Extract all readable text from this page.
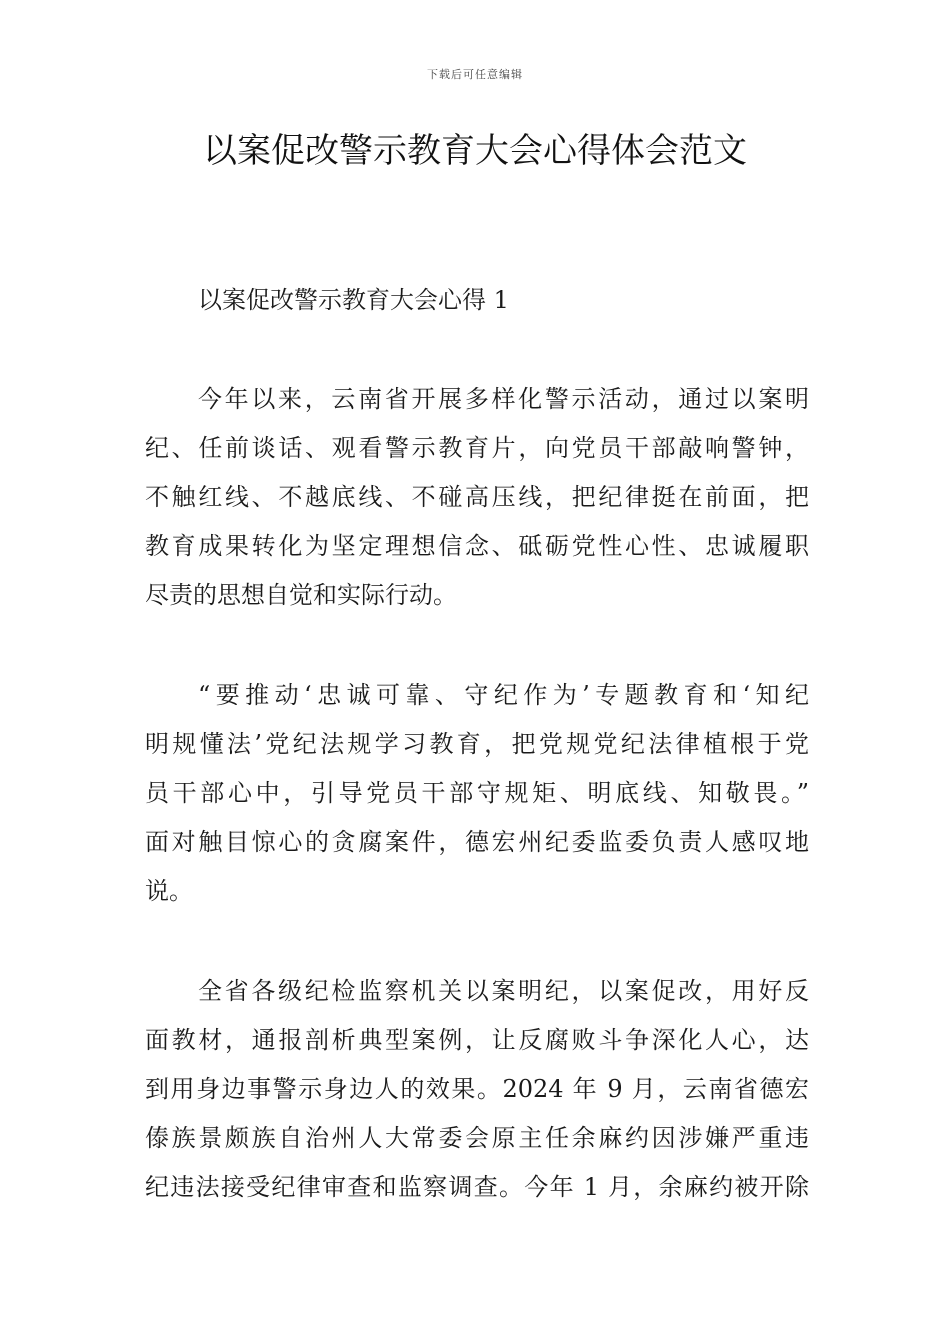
下载后可任意编辑
以案促改警示教育大会心得体会范文
以案促改警示教育大会心得 1
今年以来，云南省开展多样化警示活动，通过以案明
纪、任前谈话、观看警示教育片，向党员干部敲响警钟，
不触红线、不越底线、不碰高压线，把纪律挺在前面，把
教育成果转化为坚定理想信念、砥砺党性心性、忠诚履职
尽责的思想自觉和实际行动。
“要推动‘忠诚可靠、守纪作为’专题教育和‘知纪
明规懂法’党纪法规学习教育，把党规党纪法律植根于党
员干部心中，引导党员干部守规矩、明底线、知敬畏。”
面对触目惊心的贪腐案件，德宏州纪委监委负责人感叹地
说。
全省各级纪检监察机关以案明纪，以案促改，用好反
面教材，通报剖析典型案例，让反腐败斗争深化人心，达
到用身边事警示身边人的效果。2024 年 9 月，云南省德宏
傣族景颇族自治州人大常委会原主任余麻约因涉嫌严重违
纪违法接受纪律审查和监察调查。今年 1 月，余麻约被开除
